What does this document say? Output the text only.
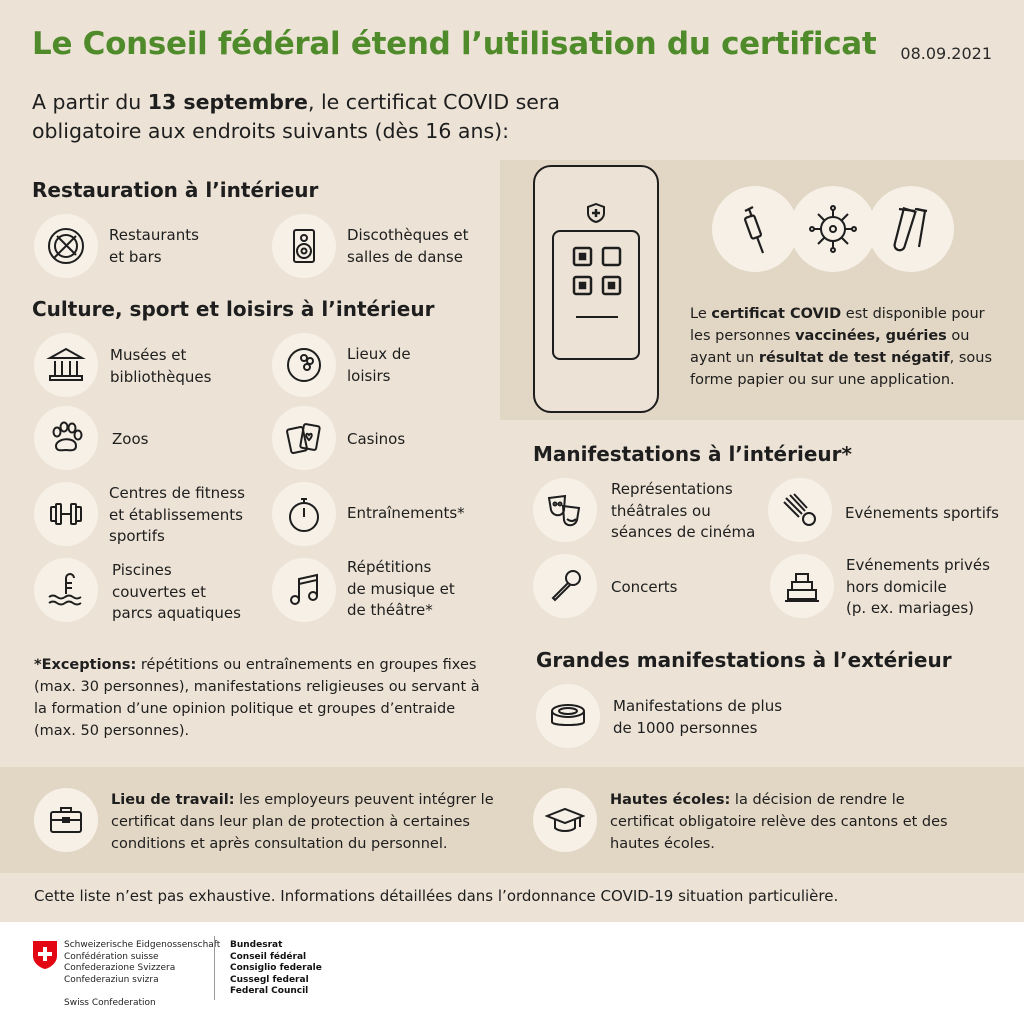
Le Conseil fédéral étend l’utilisation du certificat 08.09.2021
A partir du 13 septembre, le certificat COVID sera obligatoire aux endroits suivants (dès 16 ans):
Restauration à l’intérieur
Restaurants
et bars
Discothèques et
salles de danse
Culture, sport et loisirs à l’intérieur
Musées et
bibliothèques
Lieux de
loisirs
Zoos	Casinos
Centres de fitness
et établissements
sportifs
Entraînements*
Piscines
couvertes et
parcs aquatiques
Répétitions
de musique et
de théâtre*
*Exceptions: répétitions ou entraînements en groupes fixes (max. 30 personnes), manifestations religieuses ou servant à la formation d’une opinion politique et groupes d’entraide (max. 50 personnes).
Le certificat COVID est disponible pour les personnes vaccinées, guéries ou ayant un résultat de test négatif, sous forme papier ou sur une application.
Manifestations à l’intérieur*
Représentations
théâtrales ou
séances de cinéma
Evénements sportifs
Concerts
Evénements privés
hors domicile
(p. ex. mariages)
Grandes manifestations à l’extérieur
Manifestations de plus
de 1000 personnes
Lieu de travail: les employeurs peuvent intégrer le certificat dans leur plan de protection à certaines conditions et après consultation du personnel.
Hautes écoles: la décision de rendre le certificat obligatoire relève des cantons et des hautes écoles.
Cette liste n’est pas exhaustive. Informations détaillées dans l’ordonnance COVID-19 situation particulière.
Schweizerische Eidgenossenschaft
Confédération suisse
Confederazione Svizzera
Confederaziun svizra
Swiss Confederation
Bundesrat
Conseil fédéral
Consiglio federale
Cussegl federal
Federal Council
